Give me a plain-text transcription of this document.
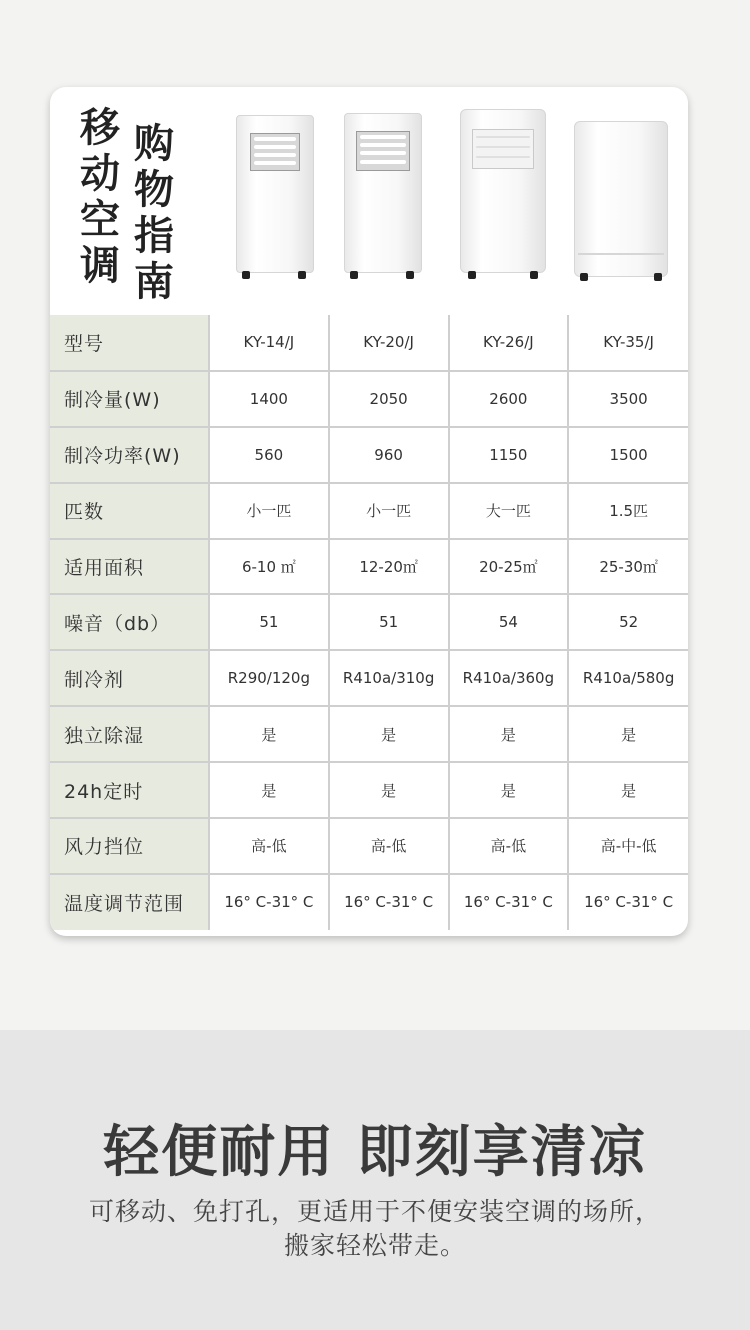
移
动
空
调
购
物
指
南
型号	KY-14/J	KY-20/J	KY-26/J	KY-35/J
制冷量(W)	1400	2050	2600	3500
制冷功率(W)	560	960	1150	1500
匹数	小一匹	小一匹	大一匹	1.5匹
适用面积	6-10 ㎡	12-20㎡	20-25㎡	25-30㎡
噪音（db）	51	51	54	52
制冷剂	R290/120g	R410a/310g	R410a/360g	R410a/580g
独立除湿	是	是	是	是
24h定时	是	是	是	是
风力挡位	高-低	高-低	高-低	高-中-低
温度调节范围	16° C-31° C	16° C-31° C	16° C-31° C	16° C-31° C
轻便耐用 即刻享清凉
可移动、免打孔，更适用于不便安装空调的场所，
搬家轻松带走。
